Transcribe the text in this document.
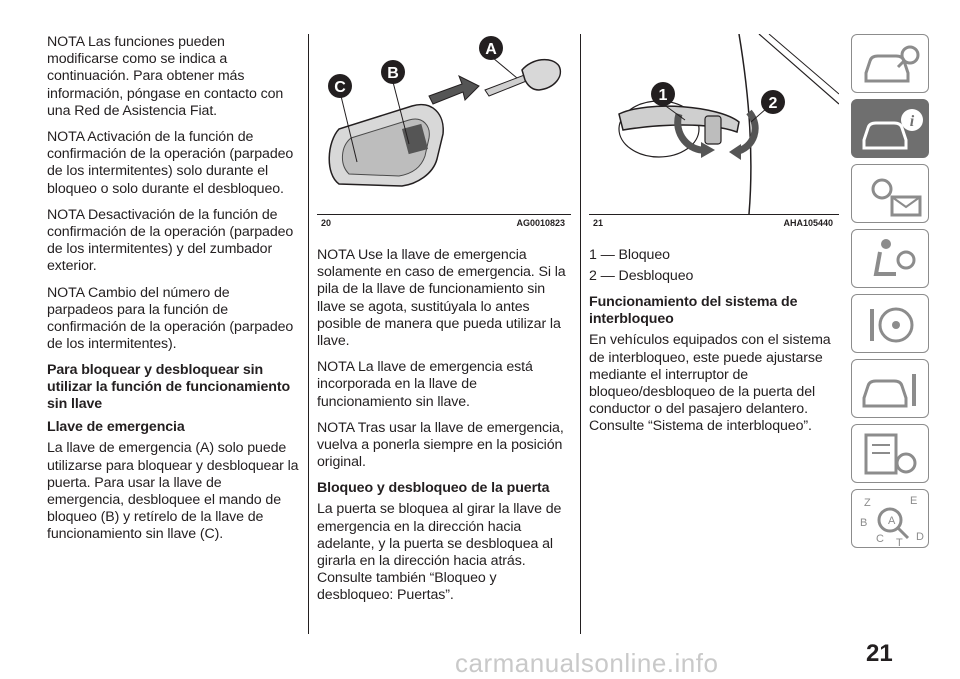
NOTA Las funciones pueden modificarse como se indica a continuación. Para obtener más información, póngase en contacto con una Red de Asistencia Fiat.

NOTA Activación de la función de confirmación de la operación (parpadeo de los intermitentes) solo durante el bloqueo o solo durante el desbloqueo.

NOTA Desactivación de la función de confirmación de la operación (parpadeo de los intermitentes) y del zumbador exterior.

NOTA Cambio del número de parpadeos para la función de confirmación de la operación (parpadeo de los intermitentes).

Para bloquear y desbloquear sin utilizar la función de funcionamiento sin llave
Llave de emergencia

La llave de emergencia (A) solo puede utilizarse para bloquear y desbloquear la puerta. Para usar la llave de emergencia, desbloquee el mando de bloqueo (B) y retírelo de la llave de funcionamiento sin llave (C).

C
B
A
20	AG0010823

NOTA Use la llave de emergencia solamente en caso de emergencia. Si la pila de la llave de funcionamiento sin llave se agota, sustitúyala lo antes posible de manera que pueda utilizar la llave.

NOTA La llave de emergencia está incorporada en la llave de funcionamiento sin llave.

NOTA Tras usar la llave de emergencia, vuelva a ponerla siempre en la posición original.

Bloqueo y desbloqueo de la puerta

La puerta se bloquea al girar la llave de emergencia en la dirección hacia adelante, y la puerta se desbloquea al girarla en la dirección hacia atrás. Consulte también “Bloqueo y desbloqueo: Puertas”.

1	2
21	AHA105440

1 — Bloqueo

2 — Desbloqueo

Funcionamiento del sistema de interbloqueo

En vehículos equipados con el sistema de interbloqueo, este puede ajustarse mediante el interruptor de bloqueo/desbloqueo de la puerta del conductor o del pasajero delantero. Consulte “Sistema de interbloqueo”.

i
Z	E
A
B
C T D
21
carmanualsonline.info
